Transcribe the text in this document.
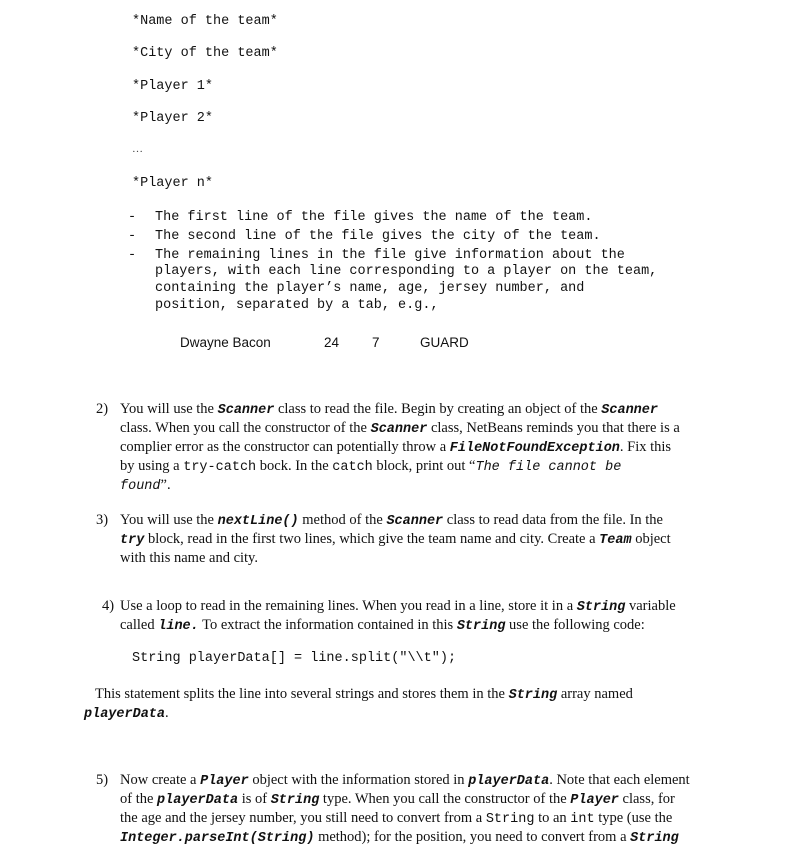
*Name of the team*
*City of the team*
*Player 1*
*Player 2*
…
*Player n*
- The first line of the file gives the name of the team.
- The second line of the file gives the city of the team.
- The remaining lines in the file give information about the
players, with each line corresponding to a player on the team,
containing the player’s name, age, jersey number, and
position, separated by a tab, e.g.,
Dwayne Bacon	24 7	GUARD
2) You will use the Scanner class to read the file. Begin by creating an object of the Scanner
class. When you call the constructor of the Scanner class, NetBeans reminds you that there is a
complier error as the constructor can potentially throw a FileNotFoundException. Fix this
by using a try-catch bock. In the catch block, print out “The file cannot be
found”.
3) You will use the nextLine() method of the Scanner class to read data from the file. In the
try block, read in the first two lines, which give the team name and city. Create a Team object
with this name and city.
4) Use a loop to read in the remaining lines. When you read in a line, store it in a String variable
called line. To extract the information contained in this String use the following code:
String playerData[] = line.split("\\t");
This statement splits the line into several strings and stores them in the String array named
playerData.
5) Now create a Player object with the information stored in playerData. Note that each element
of the playerData is of String type. When you call the constructor of the Player class, for
the age and the jersey number, you still need to convert from a String to an int type (use the
Integer.parseInt(String) method); for the position, you need to convert from a String
